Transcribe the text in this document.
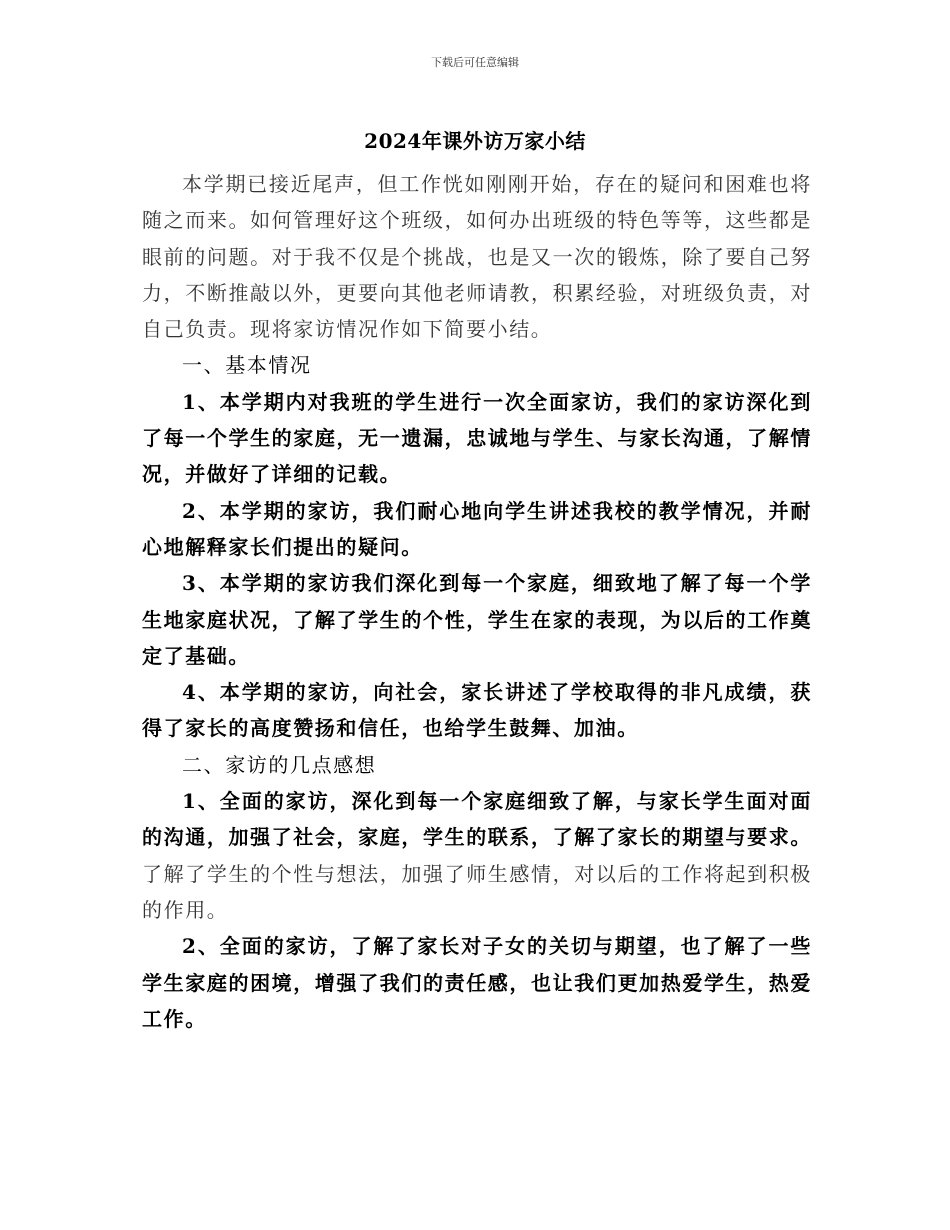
下载后可任意编辑
2024年课外访万家小结

本学期已接近尾声，但工作恍如刚刚开始，存在的疑问和困难也将随之而来。如何管理好这个班级，如何办出班级的特色等等，这些都是眼前的问题。对于我不仅是个挑战，也是又一次的锻炼，除了要自己努力，不断推敲以外，更要向其他老师请教，积累经验，对班级负责，对自己负责。现将家访情况作如下简要小结。

一、基本情况

1、本学期内对我班的学生进行一次全面家访，我们的家访深化到了每一个学生的家庭，无一遗漏，忠诚地与学生、与家长沟通，了解情况，并做好了详细的记载。

2、本学期的家访，我们耐心地向学生讲述我校的教学情况，并耐心地解释家长们提出的疑问。

3、本学期的家访我们深化到每一个家庭，细致地了解了每一个学生地家庭状况，了解了学生的个性，学生在家的表现，为以后的工作奠定了基础。

4、本学期的家访，向社会，家长讲述了学校取得的非凡成绩，获得了家长的高度赞扬和信任，也给学生鼓舞、加油。

二、家访的几点感想

1、全面的家访，深化到每一个家庭细致了解，与家长学生面对面的沟通，加强了社会，家庭，学生的联系，了解了家长的期望与要求。了解了学生的个性与想法，加强了师生感情，对以后的工作将起到积极的作用。

2、全面的家访，了解了家长对子女的关切与期望，也了解了一些学生家庭的困境，增强了我们的责任感，也让我们更加热爱学生，热爱工作。
